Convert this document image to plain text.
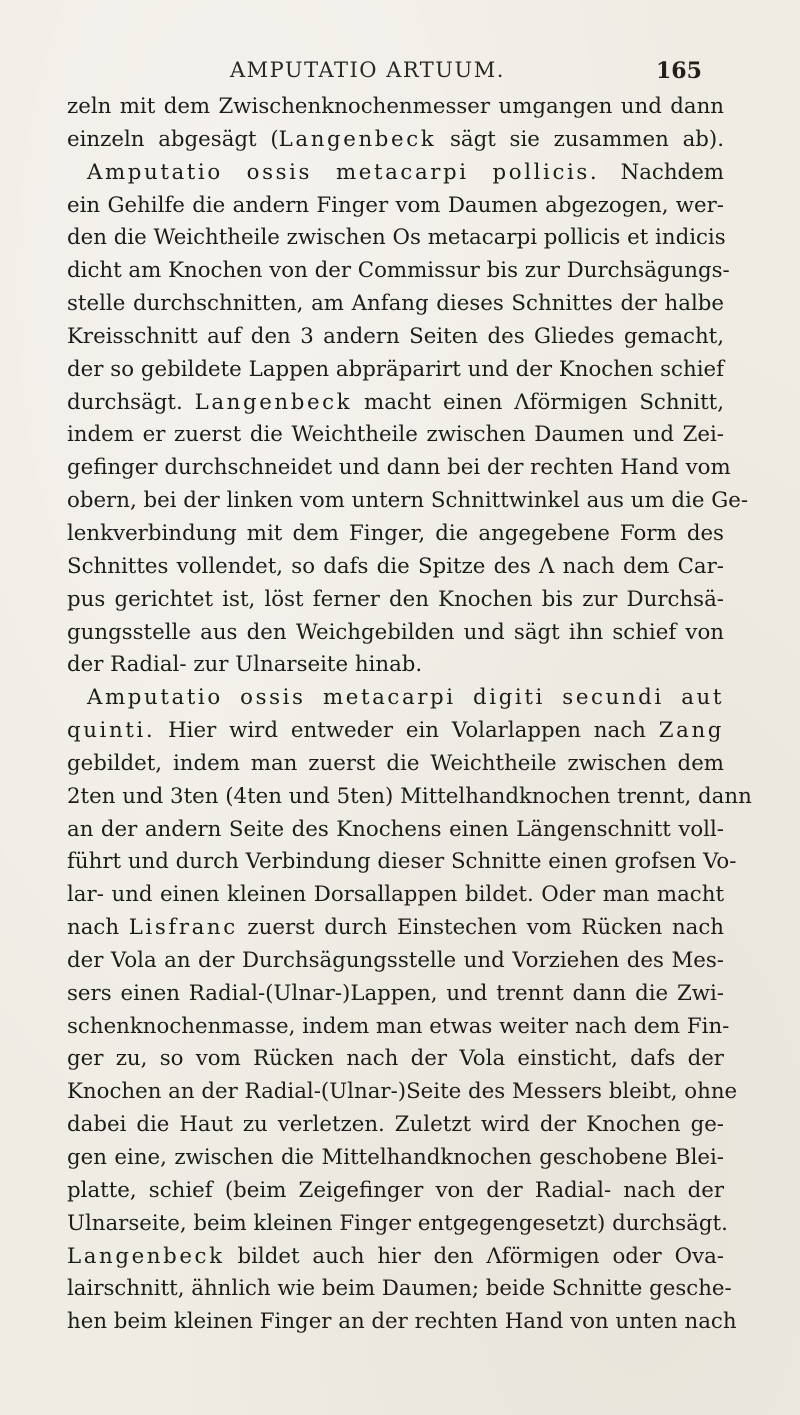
AMPUTATIO ARTUUM.	165
zeln mit dem Zwischenknochenmesser umgangen und dann
einzeln abgesägt (Langenbeck sägt sie zusammen ab).
Amputatio ossis metacarpi pollicis. Nachdem
ein Gehilfe die andern Finger vom Daumen abgezogen, wer-
den die Weichtheile zwischen Os metacarpi pollicis et indicis
dicht am Knochen von der Commissur bis zur Durchsägungs-
stelle durchschnitten, am Anfang dieses Schnittes der halbe
Kreisschnitt auf den 3 andern Seiten des Gliedes gemacht,
der so gebildete Lappen abpräparirt und der Knochen schief
durchsägt. Langenbeck macht einen Λförmigen Schnitt,
indem er zuerst die Weichtheile zwischen Daumen und Zei-
gefinger durchschneidet und dann bei der rechten Hand vom
obern, bei der linken vom untern Schnittwinkel aus um die Ge-
lenkverbindung mit dem Finger, die angegebene Form des
Schnittes vollendet, so dafs die Spitze des Λ nach dem Car-
pus gerichtet ist, löst ferner den Knochen bis zur Durchsä-
gungsstelle aus den Weichgebilden und sägt ihn schief von
der Radial- zur Ulnarseite hinab.
Amputatio ossis metacarpi digiti secundi aut
quinti. Hier wird entweder ein Volarlappen nach Zang
gebildet, indem man zuerst die Weichtheile zwischen dem
2ten und 3ten (4ten und 5ten) Mittelhandknochen trennt, dann
an der andern Seite des Knochens einen Längenschnitt voll-
führt und durch Verbindung dieser Schnitte einen grofsen Vo-
lar- und einen kleinen Dorsallappen bildet. Oder man macht
nach Lisfranc zuerst durch Einstechen vom Rücken nach
der Vola an der Durchsägungsstelle und Vorziehen des Mes-
sers einen Radial-(Ulnar-)Lappen, und trennt dann die Zwi-
schenknochenmasse, indem man etwas weiter nach dem Fin-
ger zu, so vom Rücken nach der Vola einsticht, dafs der
Knochen an der Radial-(Ulnar-)Seite des Messers bleibt, ohne
dabei die Haut zu verletzen. Zuletzt wird der Knochen ge-
gen eine, zwischen die Mittelhandknochen geschobene Blei-
platte, schief (beim Zeigefinger von der Radial- nach der
Ulnarseite, beim kleinen Finger entgegengesetzt) durchsägt.
Langenbeck bildet auch hier den Λförmigen oder Ova-
lairschnitt, ähnlich wie beim Daumen; beide Schnitte gesche-
hen beim kleinen Finger an der rechten Hand von unten nach
